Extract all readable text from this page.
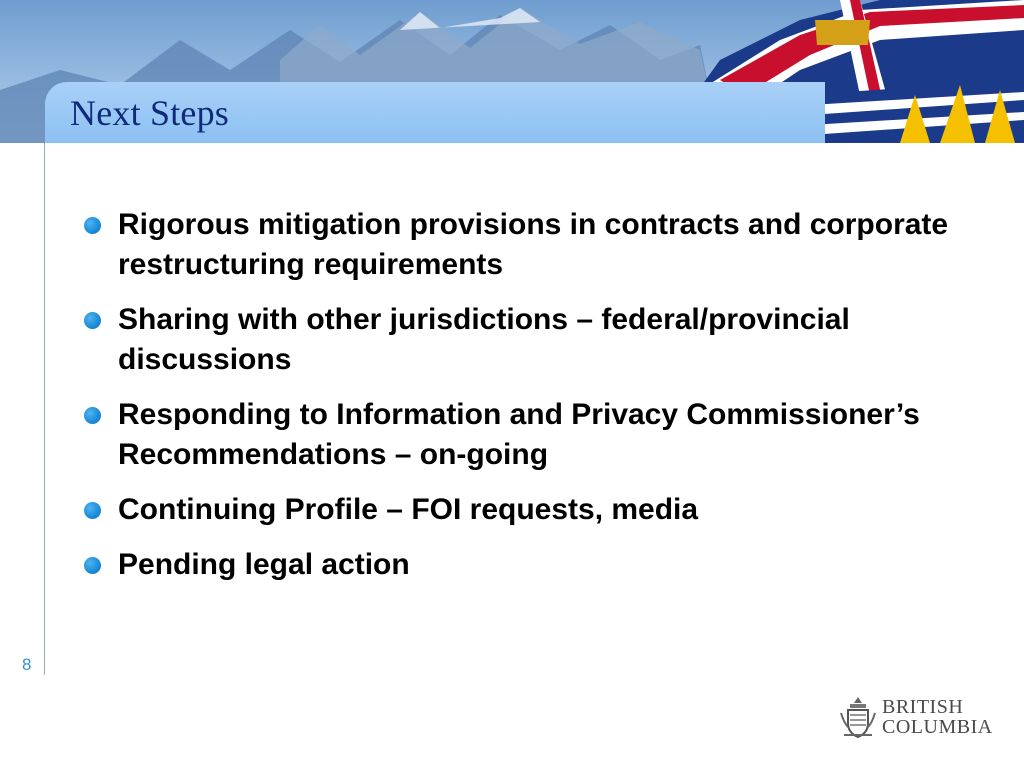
Next Steps
8
Rigorous mitigation provisions in contracts and corporate restructuring requirements
Sharing with other jurisdictions – federal/provincial discussions
Responding to Information and Privacy Commissioner’s Recommendations – on-going
Continuing Profile – FOI requests, media
Pending legal action
BRITISH
COLUMBIA
